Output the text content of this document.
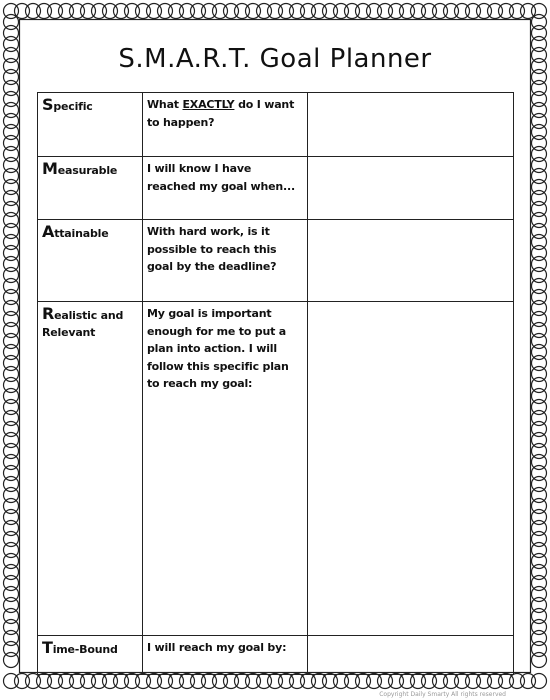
S.M.A.R.T. Goal Planner
Specific	What EXACTLY do I want to happen?	
Measurable	I will know I have reached my goal when...	
Attainable	With hard work, is it possible to reach this goal by the deadline?	
Realistic and Relevant	My goal is important enough for me to put a plan into action. I will follow this specific plan to reach my goal:	
Time-Bound	I will reach my goal by:	
Copyright Daily Smarty All rights reserved
